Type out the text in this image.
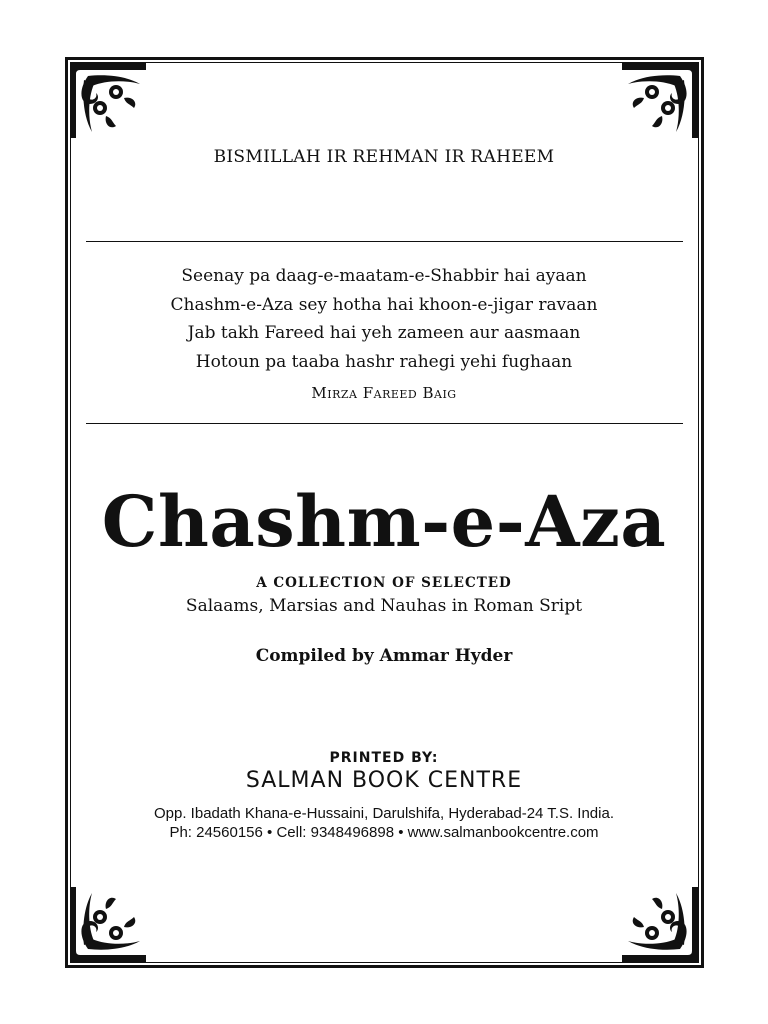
BISMILLAH IR REHMAN IR RAHEEM
Seenay pa daag-e-maatam-e-Shabbir hai ayaan
Chashm-e-Aza sey hotha hai khoon-e-jigar ravaan
Jab takh Fareed hai yeh zameen aur aasmaan
Hotoun pa taaba hashr rahegi yehi fughaan
Mirza Fareed Baig
Chashm-e-Aza
A COLLECTION OF SELECTED
Salaams, Marsias and Nauhas in Roman Sript
Compiled by Ammar Hyder
PRINTED BY:
SALMAN BOOK CENTRE
Opp. Ibadath Khana-e-Hussaini, Darulshifa, Hyderabad-24 T.S. India.
Ph: 24560156 • Cell: 9348496898 • www.salmanbookcentre.com
